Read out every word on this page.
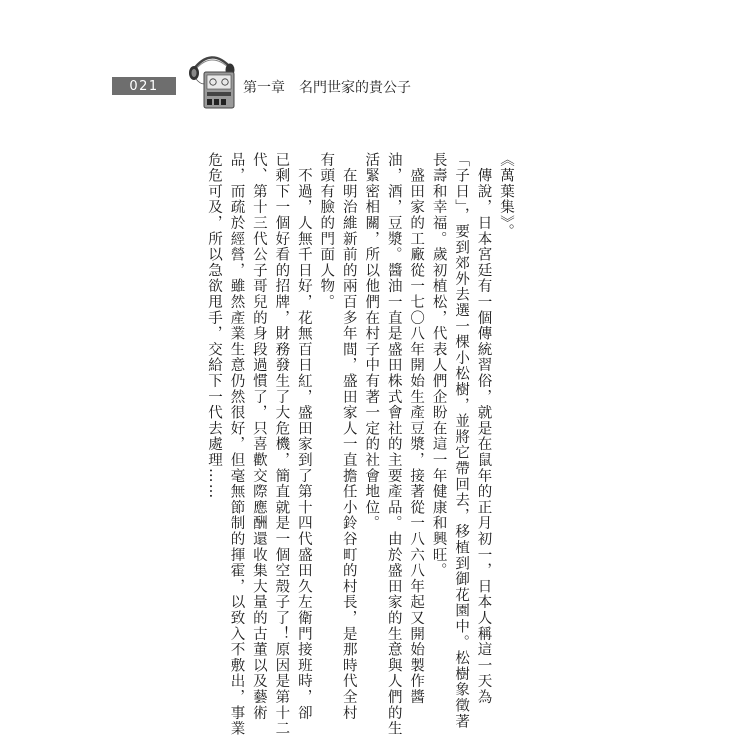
021	第一章　名門世家的貴公子
《萬葉集》。
　傳說，日本宮廷有一個傳統習俗，就是在鼠年的正月初一，日本人稱這一天為
「子日」，要到郊外去選一棵小松樹，並將它帶回去，移植到御花園中。松樹象徵著
長壽和幸福。歲初植松，代表人們企盼在這一年健康和興旺。
　盛田家的工廠從一七〇八年開始生產豆漿，接著從一八六八年起又開始製作醬
油，酒，豆漿。醬油一直是盛田株式會社的主要產品。由於盛田家的生意與人們的生
活緊密相關，所以他們在村子中有著一定的社會地位。
　在明治維新前的兩百多年間，盛田家人一直擔任小鈴谷町的村長，是那時代全村
有頭有臉的門面人物。
　不過，人無千日好，花無百日紅，盛田家到了第十四代盛田久左衛門接班時，卻
已剩下一個好看的招牌，財務發生了大危機，簡直就是一個空殼子了！原因是第十二
代、第十三代公子哥兒的身段過慣了，只喜歡交際應酬還收集大量的古董以及藝術
品，而疏於經營，雖然產業生意仍然很好，但毫無節制的揮霍，以致入不敷出，事業
危危可及，所以急欲甩手，交給下一代去處理……
